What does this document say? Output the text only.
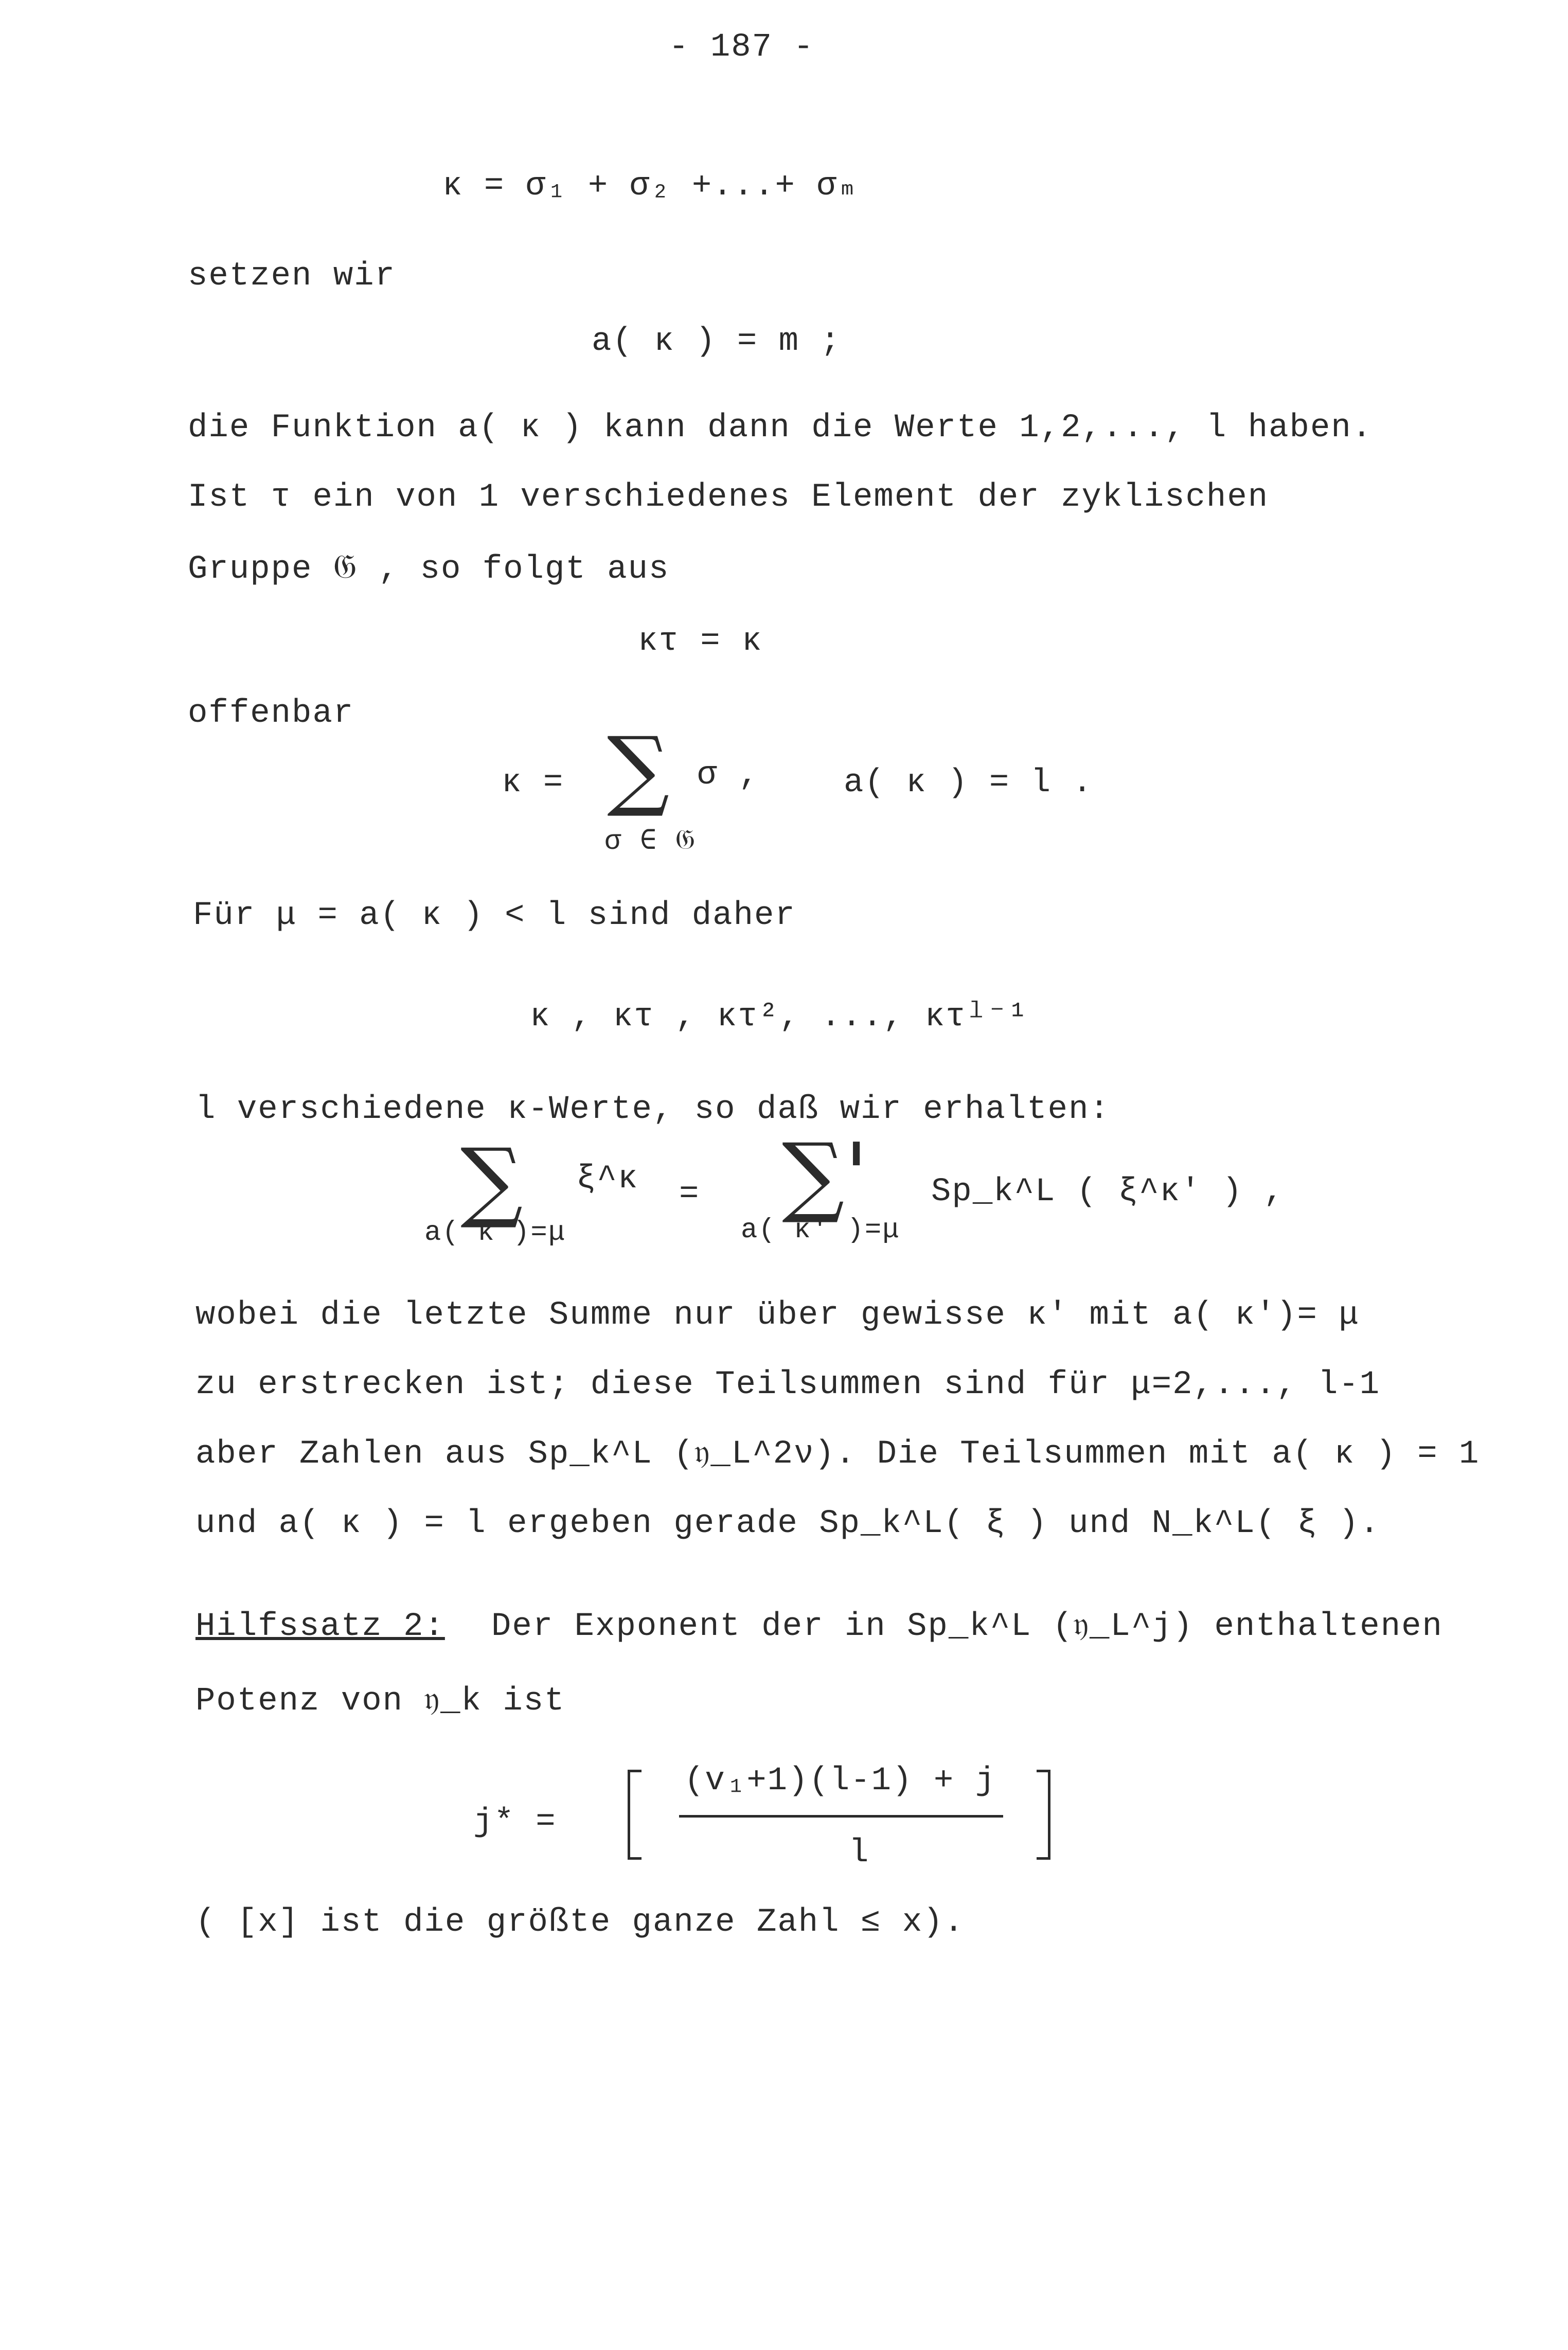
- 187 -
κ = σ₁ + σ₂ +...+ σₘ
setzen wir
a( κ ) = m ;
die Funktion a( κ ) kann dann die Werte 1,2,..., l haben.
Ist τ ein von 1 verschiedenes Element der zyklischen
Gruppe 𝔊 , so folgt aus
κτ = κ
offenbar
κ = ∑ σ ,
σ ∈ 𝔊
a( κ ) = l .
Für μ = a( κ ) < l sind daher
κ , κτ , κτ², ..., κτˡ⁻¹
l verschiedene κ-Werte, so daß wir erhalten:
∑ ξ^κ
a( κ )=μ
= ∑' Sp_k^L ( ξ^κ' ) ,
a( κ' )=μ
wobei die letzte Summe nur über gewisse κ' mit a( κ')= μ
zu erstrecken ist; diese Teilsummen sind für μ=2,..., l-1
aber Zahlen aus Sp_k^L (𝔶_L^2ν). Die Teilsummen mit a( κ ) = 1
und a( κ ) = l ergeben gerade Sp_k^L( ξ ) und N_k^L( ξ ).
Hilfssatz 2: Der Exponent der in Sp_k^L (𝔶_L^j) enthaltenen
Potenz von 𝔶_k ist
j* =
(v₁+1)(l-1) + j
l
( [x] ist die größte ganze Zahl ≤ x).
